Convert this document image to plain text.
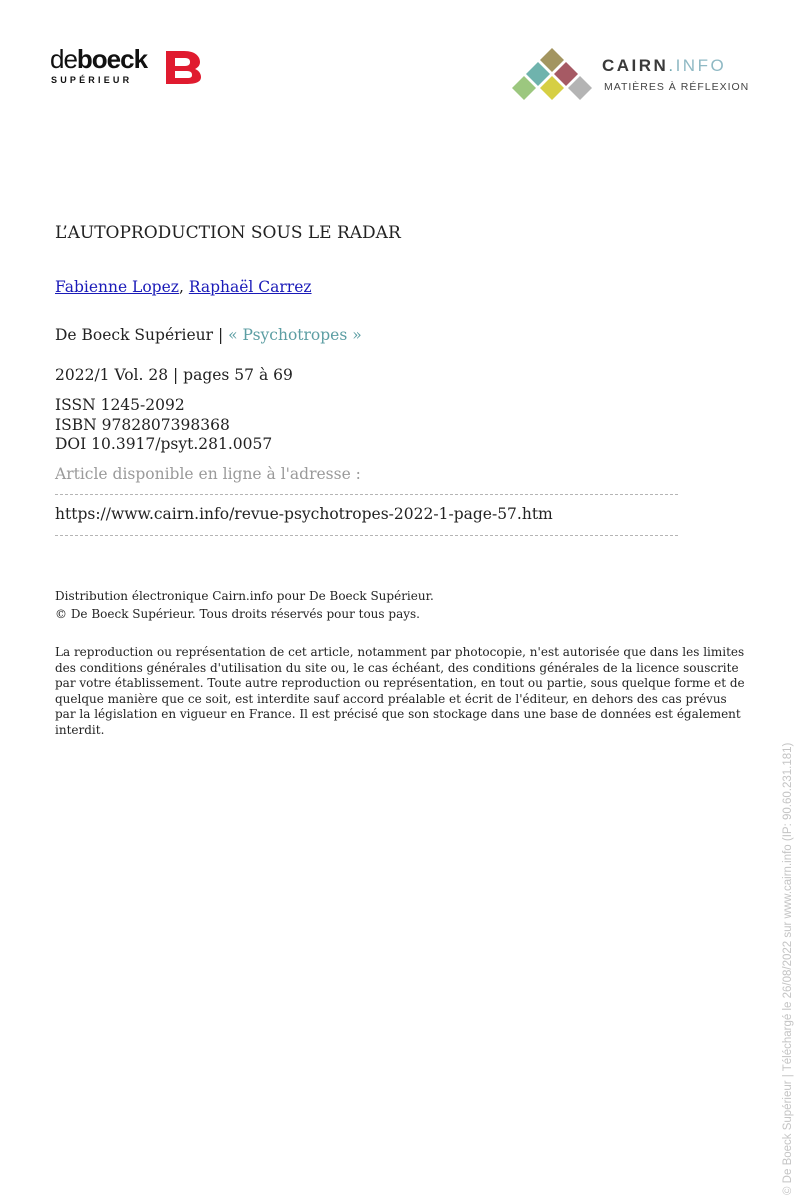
deboeck
SUPÉRIEUR
CAIRN.INFO
MATIÈRES À RÉFLEXION
L’AUTOPRODUCTION SOUS LE RADAR
Fabienne Lopez, Raphaël Carrez
De Boeck Supérieur | « Psychotropes »
2022/1 Vol. 28 | pages 57 à 69
ISSN 1245-2092
ISBN 9782807398368
DOI 10.3917/psyt.281.0057
Article disponible en ligne à l'adresse :
https://www.cairn.info/revue-psychotropes-2022-1-page-57.htm
Distribution électronique Cairn.info pour De Boeck Supérieur.
© De Boeck Supérieur. Tous droits réservés pour tous pays.
La reproduction ou représentation de cet article, notamment par photocopie, n'est autorisée que dans les limites des conditions générales d'utilisation du site ou, le cas échéant, des conditions générales de la licence souscrite par votre établissement. Toute autre reproduction ou représentation, en tout ou partie, sous quelque forme et de quelque manière que ce soit, est interdite sauf accord préalable et écrit de l'éditeur, en dehors des cas prévus par la législation en vigueur en France. Il est précisé que son stockage dans une base de données est également interdit.
© De Boeck Supérieur | Téléchargé le 26/08/2022 sur www.cairn.info (IP: 90.60.231.181)
